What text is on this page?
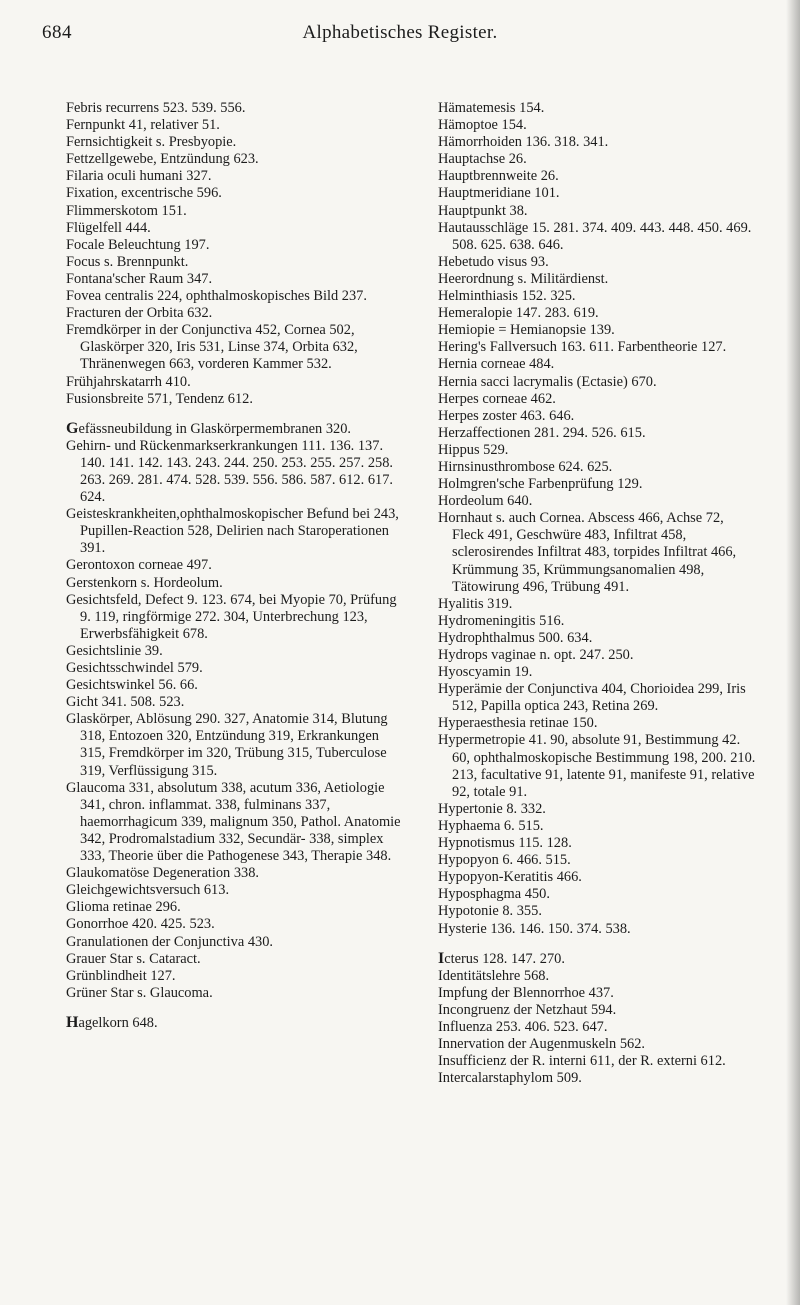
684	Alphabetisches Register.

Febris recurrens 523. 539. 556.

Fernpunkt 41, relativer 51.

Fernsichtigkeit s. Presbyopie.

Fettzellgewebe, Entzündung 623.

Filaria oculi humani 327.

Fixation, excentrische 596.

Flimmerskotom 151.

Flügelfell 444.

Focale Beleuchtung 197.

Focus s. Brennpunkt.

Fontana'scher Raum 347.

Fovea centralis 224, ophthalmoskopisches Bild 237.

Fracturen der Orbita 632.

Fremdkörper in der Conjunctiva 452, Cornea 502, Glaskörper 320, Iris 531, Linse 374, Orbita 632, Thränenwegen 663, vorderen Kammer 532.

Frühjahrskatarrh 410.

Fusionsbreite 571, Tendenz 612.

Gefässneubildung in Glaskörpermembranen 320.

Gehirn- und Rückenmarkserkrankungen 111. 136. 137. 140. 141. 142. 143. 243. 244. 250. 253. 255. 257. 258. 263. 269. 281. 474. 528. 539. 556. 586. 587. 612. 617. 624.

Geisteskrankheiten,ophthalmoskopischer Befund bei 243, Pupillen-Reaction 528, Delirien nach Staroperationen 391.

Gerontoxon corneae 497.

Gerstenkorn s. Hordeolum.

Gesichtsfeld, Defect 9. 123. 674, bei Myopie 70, Prüfung 9. 119, ringförmige 272. 304, Unterbrechung 123, Erwerbsfähigkeit 678.

Gesichtslinie 39.

Gesichtsschwindel 579.

Gesichtswinkel 56. 66.

Gicht 341. 508. 523.

Glaskörper, Ablösung 290. 327, Anatomie 314, Blutung 318, Entozoen 320, Entzündung 319, Erkrankungen 315, Fremdkörper im 320, Trübung 315, Tuberculose 319, Verflüssigung 315.

Glaucoma 331, absolutum 338, acutum 336, Aetiologie 341, chron. inflammat. 338, fulminans 337, haemorrhagicum 339, malignum 350, Pathol. Anatomie 342, Prodromalstadium 332, Secundär- 338, simplex 333, Theorie über die Pathogenese 343, Therapie 348.

Glaukomatöse Degeneration 338.

Gleichgewichtsversuch 613.

Glioma retinae 296.

Gonorrhoe 420. 425. 523.

Granulationen der Conjunctiva 430.

Grauer Star s. Cataract.

Grünblindheit 127.

Grüner Star s. Glaucoma.

Hagelkorn 648.

Hämatemesis 154.

Hämoptoe 154.

Hämorrhoiden 136. 318. 341.

Hauptachse 26.

Hauptbrennweite 26.

Hauptmeridiane 101.

Hauptpunkt 38.

Hautausschläge 15. 281. 374. 409. 443. 448. 450. 469. 508. 625. 638. 646.

Hebetudo visus 93.

Heerordnung s. Militärdienst.

Helminthiasis 152. 325.

Hemeralopie 147. 283. 619.

Hemiopie = Hemianopsie 139.

Hering's Fallversuch 163. 611. Farbentheorie 127.

Hernia corneae 484.

Hernia sacci lacrymalis (Ectasie) 670.

Herpes corneae 462.

Herpes zoster 463. 646.

Herzaffectionen 281. 294. 526. 615.

Hippus 529.

Hirnsinusthrombose 624. 625.

Holmgren'sche Farbenprüfung 129.

Hordeolum 640.

Hornhaut s. auch Cornea. Abscess 466, Achse 72, Fleck 491, Geschwüre 483, Infiltrat 458, sclerosirendes Infiltrat 483, torpides Infiltrat 466, Krümmung 35, Krümmungsanomalien 498, Tätowirung 496, Trübung 491.

Hyalitis 319.

Hydromeningitis 516.

Hydrophthalmus 500. 634.

Hydrops vaginae n. opt. 247. 250.

Hyoscyamin 19.

Hyperämie der Conjunctiva 404, Chorioidea 299, Iris 512, Papilla optica 243, Retina 269.

Hyperaesthesia retinae 150.

Hypermetropie 41. 90, absolute 91, Bestimmung 42. 60, ophthalmoskopische Bestimmung 198, 200. 210. 213, facultative 91, latente 91, manifeste 91, relative 92, totale 91.

Hypertonie 8. 332.

Hyphaema 6. 515.

Hypnotismus 115. 128.

Hypopyon 6. 466. 515.

Hypopyon-Keratitis 466.

Hyposphagma 450.

Hypotonie 8. 355.

Hysterie 136. 146. 150. 374. 538.

Icterus 128. 147. 270.

Identitätslehre 568.

Impfung der Blennorrhoe 437.

Incongruenz der Netzhaut 594.

Influenza 253. 406. 523. 647.

Innervation der Augenmuskeln 562.

Insufficienz der R. interni 611, der R. externi 612.

Intercalarstaphylom 509.
